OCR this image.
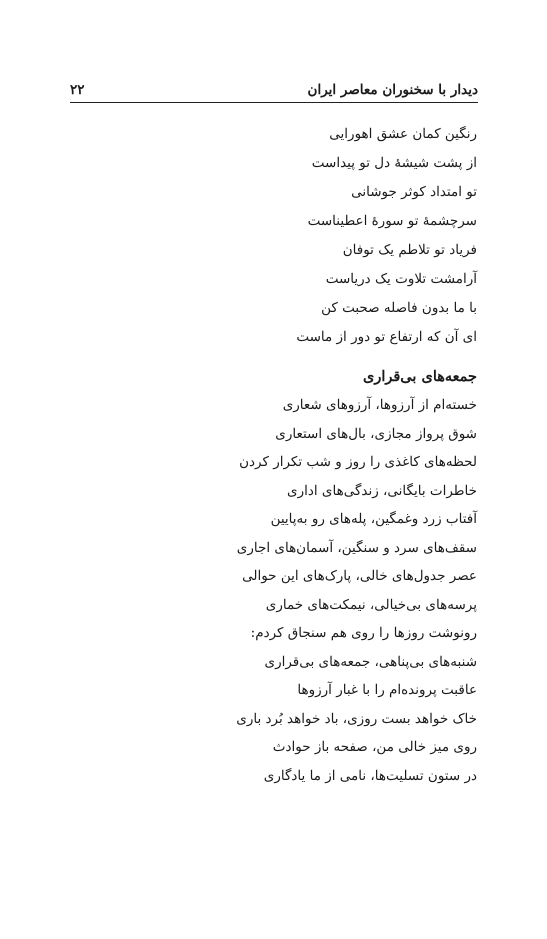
دیدار با سخنوران معاصر ایران
۲۲
رنگین کمان عشق اهورایی
از پشت شیشهٔ دل تو پیداست
تو امتداد کوثر جوشانی
سرچشمهٔ تو سورهٔ اعطیناست
فریاد تو تلاطم یک توفان
آرامشت تلاوت یک دریاست
با ما بدون فاصله صحبت کن
ای آن که ارتفاع تو دور از ماست
جمعه‌های بی‌قراری
خسته‌ام از آرزوها، آرزوهای شعاری
شوق پرواز مجازی، بال‌های استعاری
لحظه‌های کاغذی را روز و شب تکرار کردن
خاطرات بایگانی، زندگی‌های اداری
آفتاب زرد وغمگین، پله‌های رو به‌پایین
سقف‌های سرد و سنگین، آسمان‌های اجاری
عصر جدول‌های خالی، پارک‌های این حوالی
پرسه‌های بی‌خیالی، نیمکت‌های خماری
رونوشت روزها را روی هم سنجاق کردم:
شنبه‌های بی‌پناهی، جمعه‌های بی‌قراری
عاقبت پرونده‌ام را با غبار آرزوها
خاک خواهد بست روزی، باد خواهد بُرد باری
روی میز خالی من، صفحه باز حوادث
در ستون تسلیت‌ها، نامی از ما یادگاری
